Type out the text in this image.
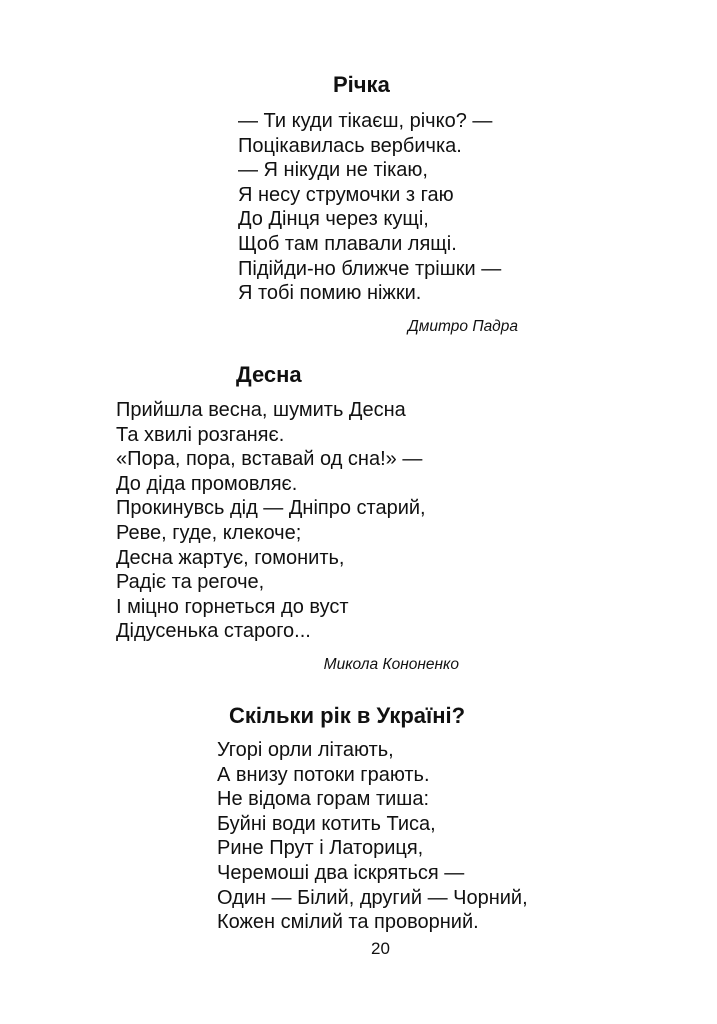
Річка
— Ти куди тікаєш, річко? —
Поцікавилась вербичка.
— Я нікуди не тікаю,
Я несу струмочки з гаю
До Дінця через кущі,
Щоб там плавали лящі.
Підійди-но ближче трішки —
Я тобі помию ніжки.
Дмитро Падра
Десна
Прийшла весна, шумить Десна
Та хвилі розганяє.
«Пора, пора, вставай од сна!» —
До діда промовляє.
Прокинувсь дід — Дніпро старий,
Реве, гуде, клекоче;
Десна жартує, гомонить,
Радіє та регоче,
І міцно горнеться до вуст
Дідусенька старого...
Микола Кононенко
Скільки рік в Україні?
Угорі орли літають,
А внизу потоки грають.
Не відома горам тиша:
Буйні води котить Тиса,
Рине Прут і Латориця,
Черемоші два іскряться —
Один — Білий, другий — Чорний,
Кожен смілий та проворний.
20
